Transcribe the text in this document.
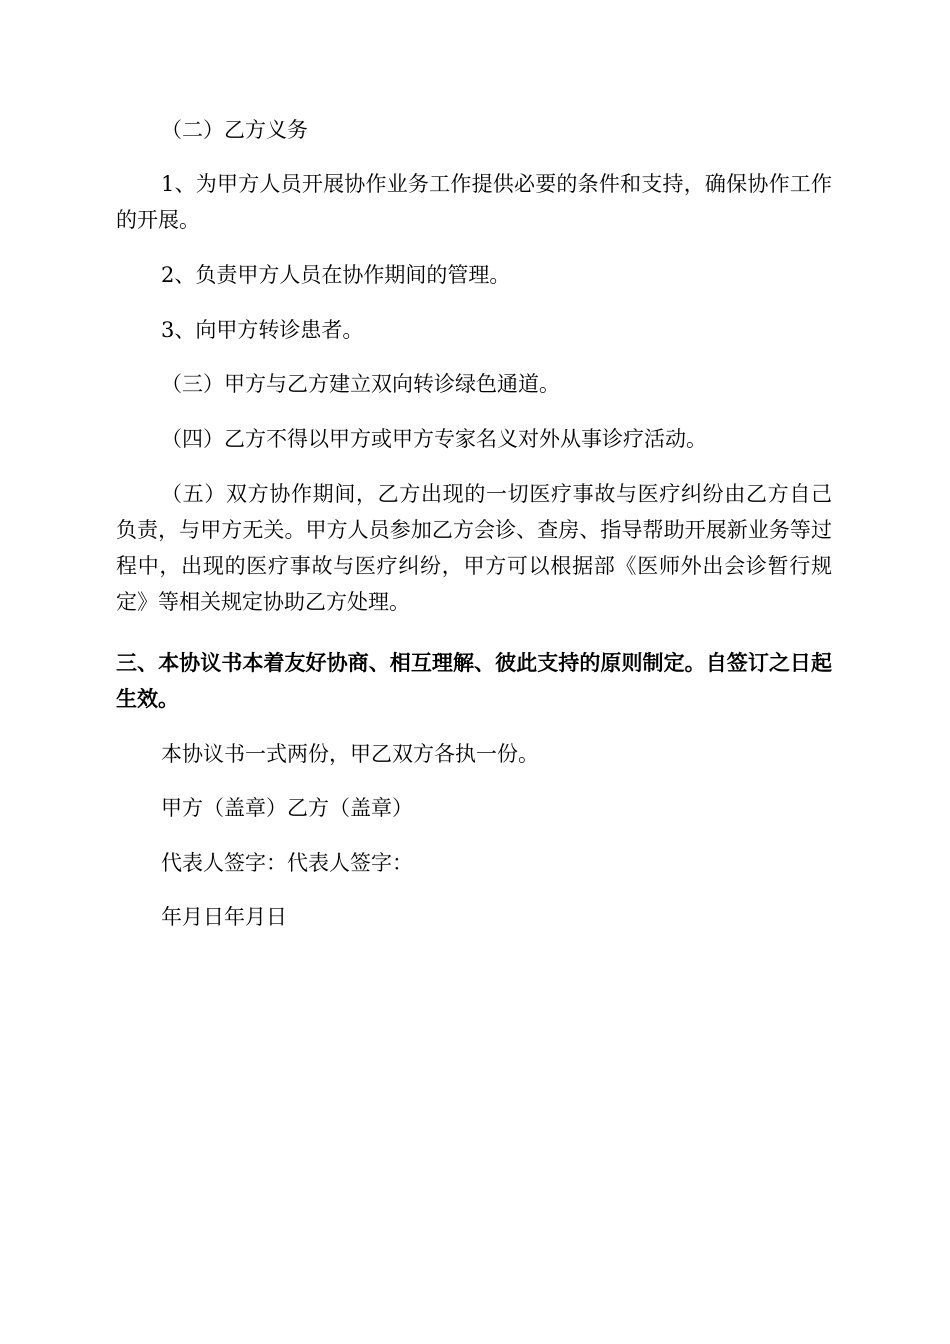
（二）乙方义务

1、为甲方人员开展协作业务工作提供必要的条件和支持，确保协作工作的开展。

2、负责甲方人员在协作期间的管理。

3、向甲方转诊患者。

（三）甲方与乙方建立双向转诊绿色通道。

（四）乙方不得以甲方或甲方专家名义对外从事诊疗活动。

（五）双方协作期间，乙方出现的一切医疗事故与医疗纠纷由乙方自己负责，与甲方无关。甲方人员参加乙方会诊、查房、指导帮助开展新业务等过程中，出现的医疗事故与医疗纠纷，甲方可以根据部《医师外出会诊暂行规定》等相关规定协助乙方处理。

三、本协议书本着友好协商、相互理解、彼此支持的原则制定。自签订之日起生效。

本协议书一式两份，甲乙双方各执一份。

甲方（盖章）乙方（盖章）

代表人签字：代表人签字：

年月日年月日
